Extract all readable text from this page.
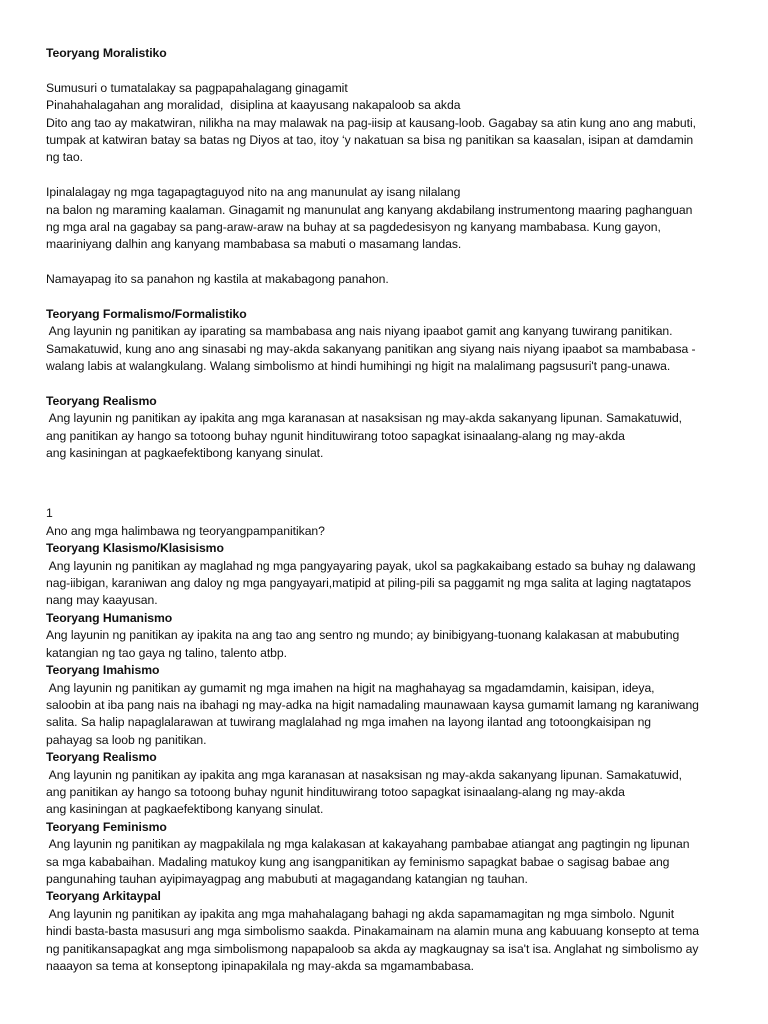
Teoryang Moralistiko
Sumusuri o tumatalakay sa pagpapahalagang ginagamit
Pinahahalagahan ang moralidad,  disiplina at kaayusang nakapaloob sa akda
Dito ang tao ay makatwiran, nilikha na may malawak na pag-iisip at kausang-loob. Gagabay sa atin kung ano ang mabuti,
tumpak at katwiran batay sa batas ng Diyos at tao, itoy ‘y nakatuan sa bisa ng panitikan sa kaasalan, isipan at damdamin
ng tao.
Ipinalalagay ng mga tagapagtaguyod nito na ang manunulat ay isang nilalang
na balon ng maraming kaalaman. Ginagamit ng manunulat ang kanyang akdabilang instrumentong maaring paghanguan
ng mga aral na gagabay sa pang-araw-araw na buhay at sa pagdedesisyon ng kanyang mambabasa. Kung gayon,
maariniyang dalhin ang kanyang mambabasa sa mabuti o masamang landas.
Namayapag ito sa panahon ng kastila at makabagong panahon.
Teoryang Formalismo/Formalistiko
Ang layunin ng panitikan ay iparating sa mambabasa ang nais niyang ipaabot gamit ang kanyang tuwirang panitikan.
Samakatuwid, kung ano ang sinasabi ng may-akda sakanyang panitikan ang siyang nais niyang ipaabot sa mambabasa -
walang labis at walangkulang. Walang simbolismo at hindi humihingi ng higit na malalimang pagsusuri't pang-unawa.
Teoryang Realismo
Ang layunin ng panitikan ay ipakita ang mga karanasan at nasaksisan ng may-akda sakanyang lipunan. Samakatuwid,
ang panitikan ay hango sa totoong buhay ngunit hindituwirang totoo sapagkat isinaalang-alang ng may-akda
ang kasiningan at pagkaefektibong kanyang sinulat.
1
Ano ang mga halimbawa ng teoryangpampanitikan?
Teoryang Klasismo/Klasisismo
Ang layunin ng panitikan ay maglahad ng mga pangyayaring payak, ukol sa pagkakaibang estado sa buhay ng dalawang
nag-iibigan, karaniwan ang daloy ng mga pangyayari,matipid at piling-pili sa paggamit ng mga salita at laging nagtatapos
nang may kaayusan.
Teoryang Humanismo
Ang layunin ng panitikan ay ipakita na ang tao ang sentro ng mundo; ay binibigyang-tuonang kalakasan at mabubuting
katangian ng tao gaya ng talino, talento atbp.
Teoryang Imahismo
Ang layunin ng panitikan ay gumamit ng mga imahen na higit na maghahayag sa mgadamdamin, kaisipan, ideya,
saloobin at iba pang nais na ibahagi ng may-adka na higit namadaling maunawaan kaysa gumamit lamang ng karaniwang
salita. Sa halip napaglalarawan at tuwirang maglalahad ng mga imahen na layong ilantad ang totoongkaisipan ng
pahayag sa loob ng panitikan.
Teoryang Realismo
Ang layunin ng panitikan ay ipakita ang mga karanasan at nasaksisan ng may-akda sakanyang lipunan. Samakatuwid,
ang panitikan ay hango sa totoong buhay ngunit hindituwirang totoo sapagkat isinaalang-alang ng may-akda
ang kasiningan at pagkaefektibong kanyang sinulat.
Teoryang Feminismo
Ang layunin ng panitikan ay magpakilala ng mga kalakasan at kakayahang pambabae atiangat ang pagtingin ng lipunan
sa mga kababaihan. Madaling matukoy kung ang isangpanitikan ay feminismo sapagkat babae o sagisag babae ang
pangunahing tauhan ayipimayagpag ang mabubuti at magagandang katangian ng tauhan.
Teoryang Arkitaypal
Ang layunin ng panitikan ay ipakita ang mga mahahalagang bahagi ng akda sapamamagitan ng mga simbolo. Ngunit
hindi basta-basta masusuri ang mga simbolismo saakda. Pinakamainam na alamin muna ang kabuuang konsepto at tema
ng panitikansapagkat ang mga simbolismong napapaloob sa akda ay magkaugnay sa isa't isa. Anglahat ng simbolismo ay
naaayon sa tema at konseptong ipinapakilala ng may-akda sa mgamambabasa.
